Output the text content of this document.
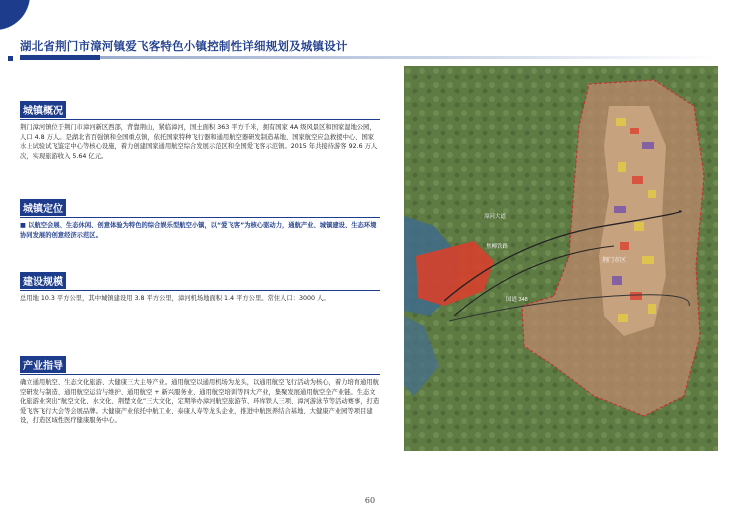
湖北省荆门市漳河镇爱飞客特色小镇控制性详细规划及城镇设计
城镇概况

荆门漳河镇位于荆门市漳河新区西部，背靠荆山，紧临漳河，国土面积 363 平方千米，拥有国家 4A 级风景区和国家湿地公园，人口 4.8 万人。是湖北省百强镇和全国重点镇，依托国家特种飞行器和通用航空器研发制造基地、国家航空应急救援中心、国家水上试验试飞鉴定中心等核心设施，着力创建国家通用航空综合发展示范区和全国爱飞客示范镇。2015 年共接待游客 92.6 万人次，实现旅游收入 5.64 亿元。

城镇定位

■ 以航空会展、生态休闲、创意体验为特色的综合娱乐型航空小镇，以“爱飞客”为核心驱动力，通航产业、城镇建设、生态环境协同发展的创意经济示范区。

建设规模

总用地 10.3 平方公里，其中城镇建设用 3.8 平方公里，漳河机场地面积 1.4 平方公里。常住人口：3000 人。

产业指导

确立通用航空、生态文化旅游、大健康三大主导产业。通用航空以通用机场为龙头，以通用航空飞行活动为核心，着力培育通用航空研发与制造、通用航空运营与维护、通用航空 + 新兴服务业、通用航空培训等四大产业，集聚发展通用航空全产业链。生态文化旅游业突出“航空文化、水文化、荆楚文化”三大文化，定期举办漳河航空旅游节、环库铁人三项、漳河游泳节等活动赛事，打造爱飞客飞行大会等会展品牌。大健康产业依托中航工业、泰康人寿等龙头企业，推进中航医养结合基地、大健康产业园等项目建设，打造区域性医疗健康服务中心。

漳河大道
焦柳铁路
荆门市区
国道 348
60
